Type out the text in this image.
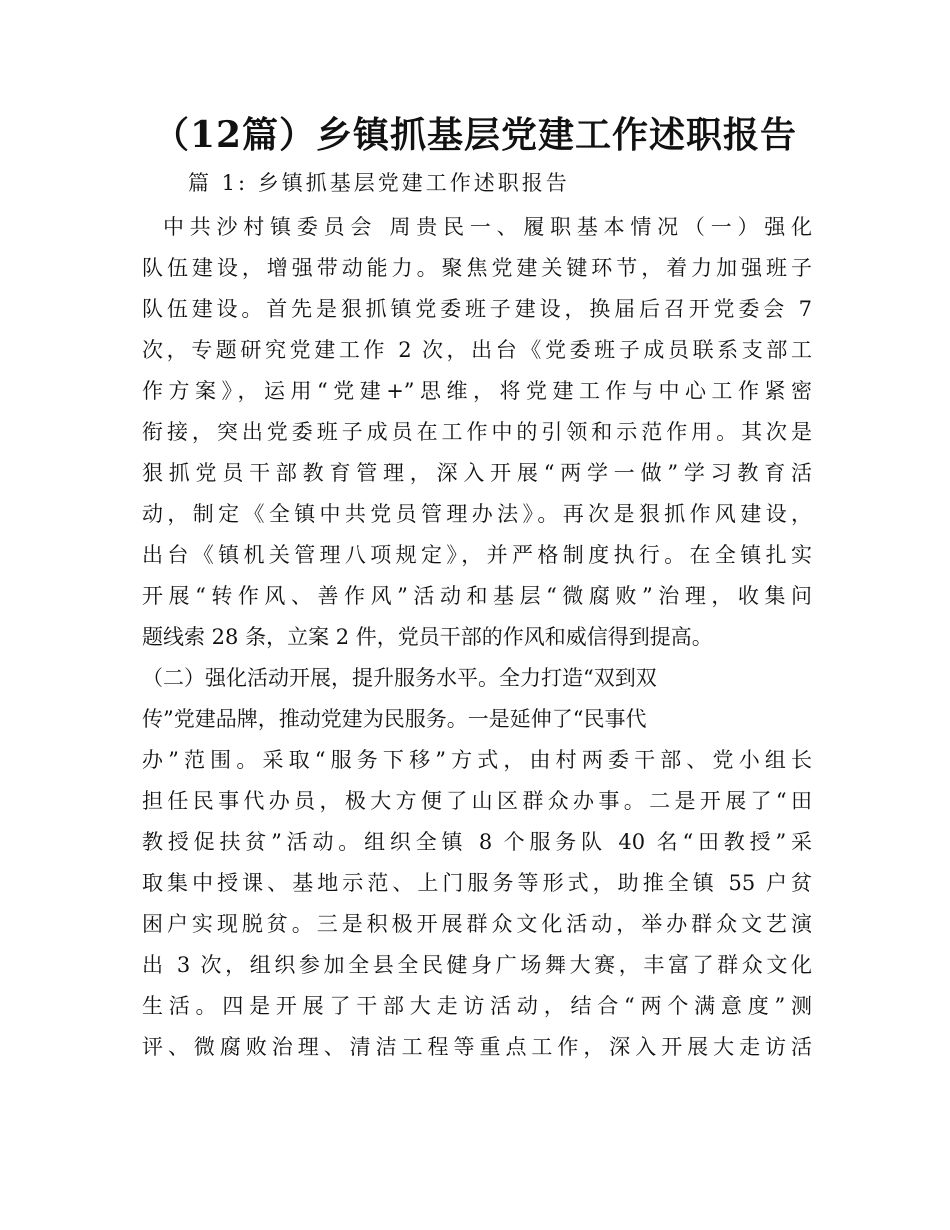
（12篇）乡镇抓基层党建工作述职报告
篇 1: 乡镇抓基层党建工作述职报告
中共沙村镇委员会 周贵民一、履职基本情况（一）强化
队伍建设，增强带动能力。聚焦党建关键环节，着力加强班子
队伍建设。首先是狠抓镇党委班子建设，换届后召开党委会 7
次，专题研究党建工作 2 次，出台《党委班子成员联系支部工
作方案》，运用“党建+”思维，将党建工作与中心工作紧密
衔接，突出党委班子成员在工作中的引领和示范作用。其次是
狠抓党员干部教育管理，深入开展“两学一做”学习教育活
动，制定《全镇中共党员管理办法》。再次是狠抓作风建设，
出台《镇机关管理八项规定》，并严格制度执行。在全镇扎实
开展“转作风、善作风”活动和基层“微腐败”治理，收集问
题线索 28 条，立案 2 件，党员干部的作风和威信得到提高。
（二）强化活动开展，提升服务水平。全力打造“双到双
传”党建品牌，推动党建为民服务。一是延伸了“民事代
办”范围。采取“服务下移”方式，由村两委干部、党小组长
担任民事代办员，极大方便了山区群众办事。二是开展了“田
教授促扶贫”活动。组织全镇 8 个服务队 40 名“田教授”采
取集中授课、基地示范、上门服务等形式，助推全镇 55 户贫
困户实现脱贫。三是积极开展群众文化活动，举办群众文艺演
出 3 次，组织参加全县全民健身广场舞大赛，丰富了群众文化
生活。四是开展了干部大走访活动，结合“两个满意度”测
评、微腐败治理、清洁工程等重点工作，深入开展大走访活
